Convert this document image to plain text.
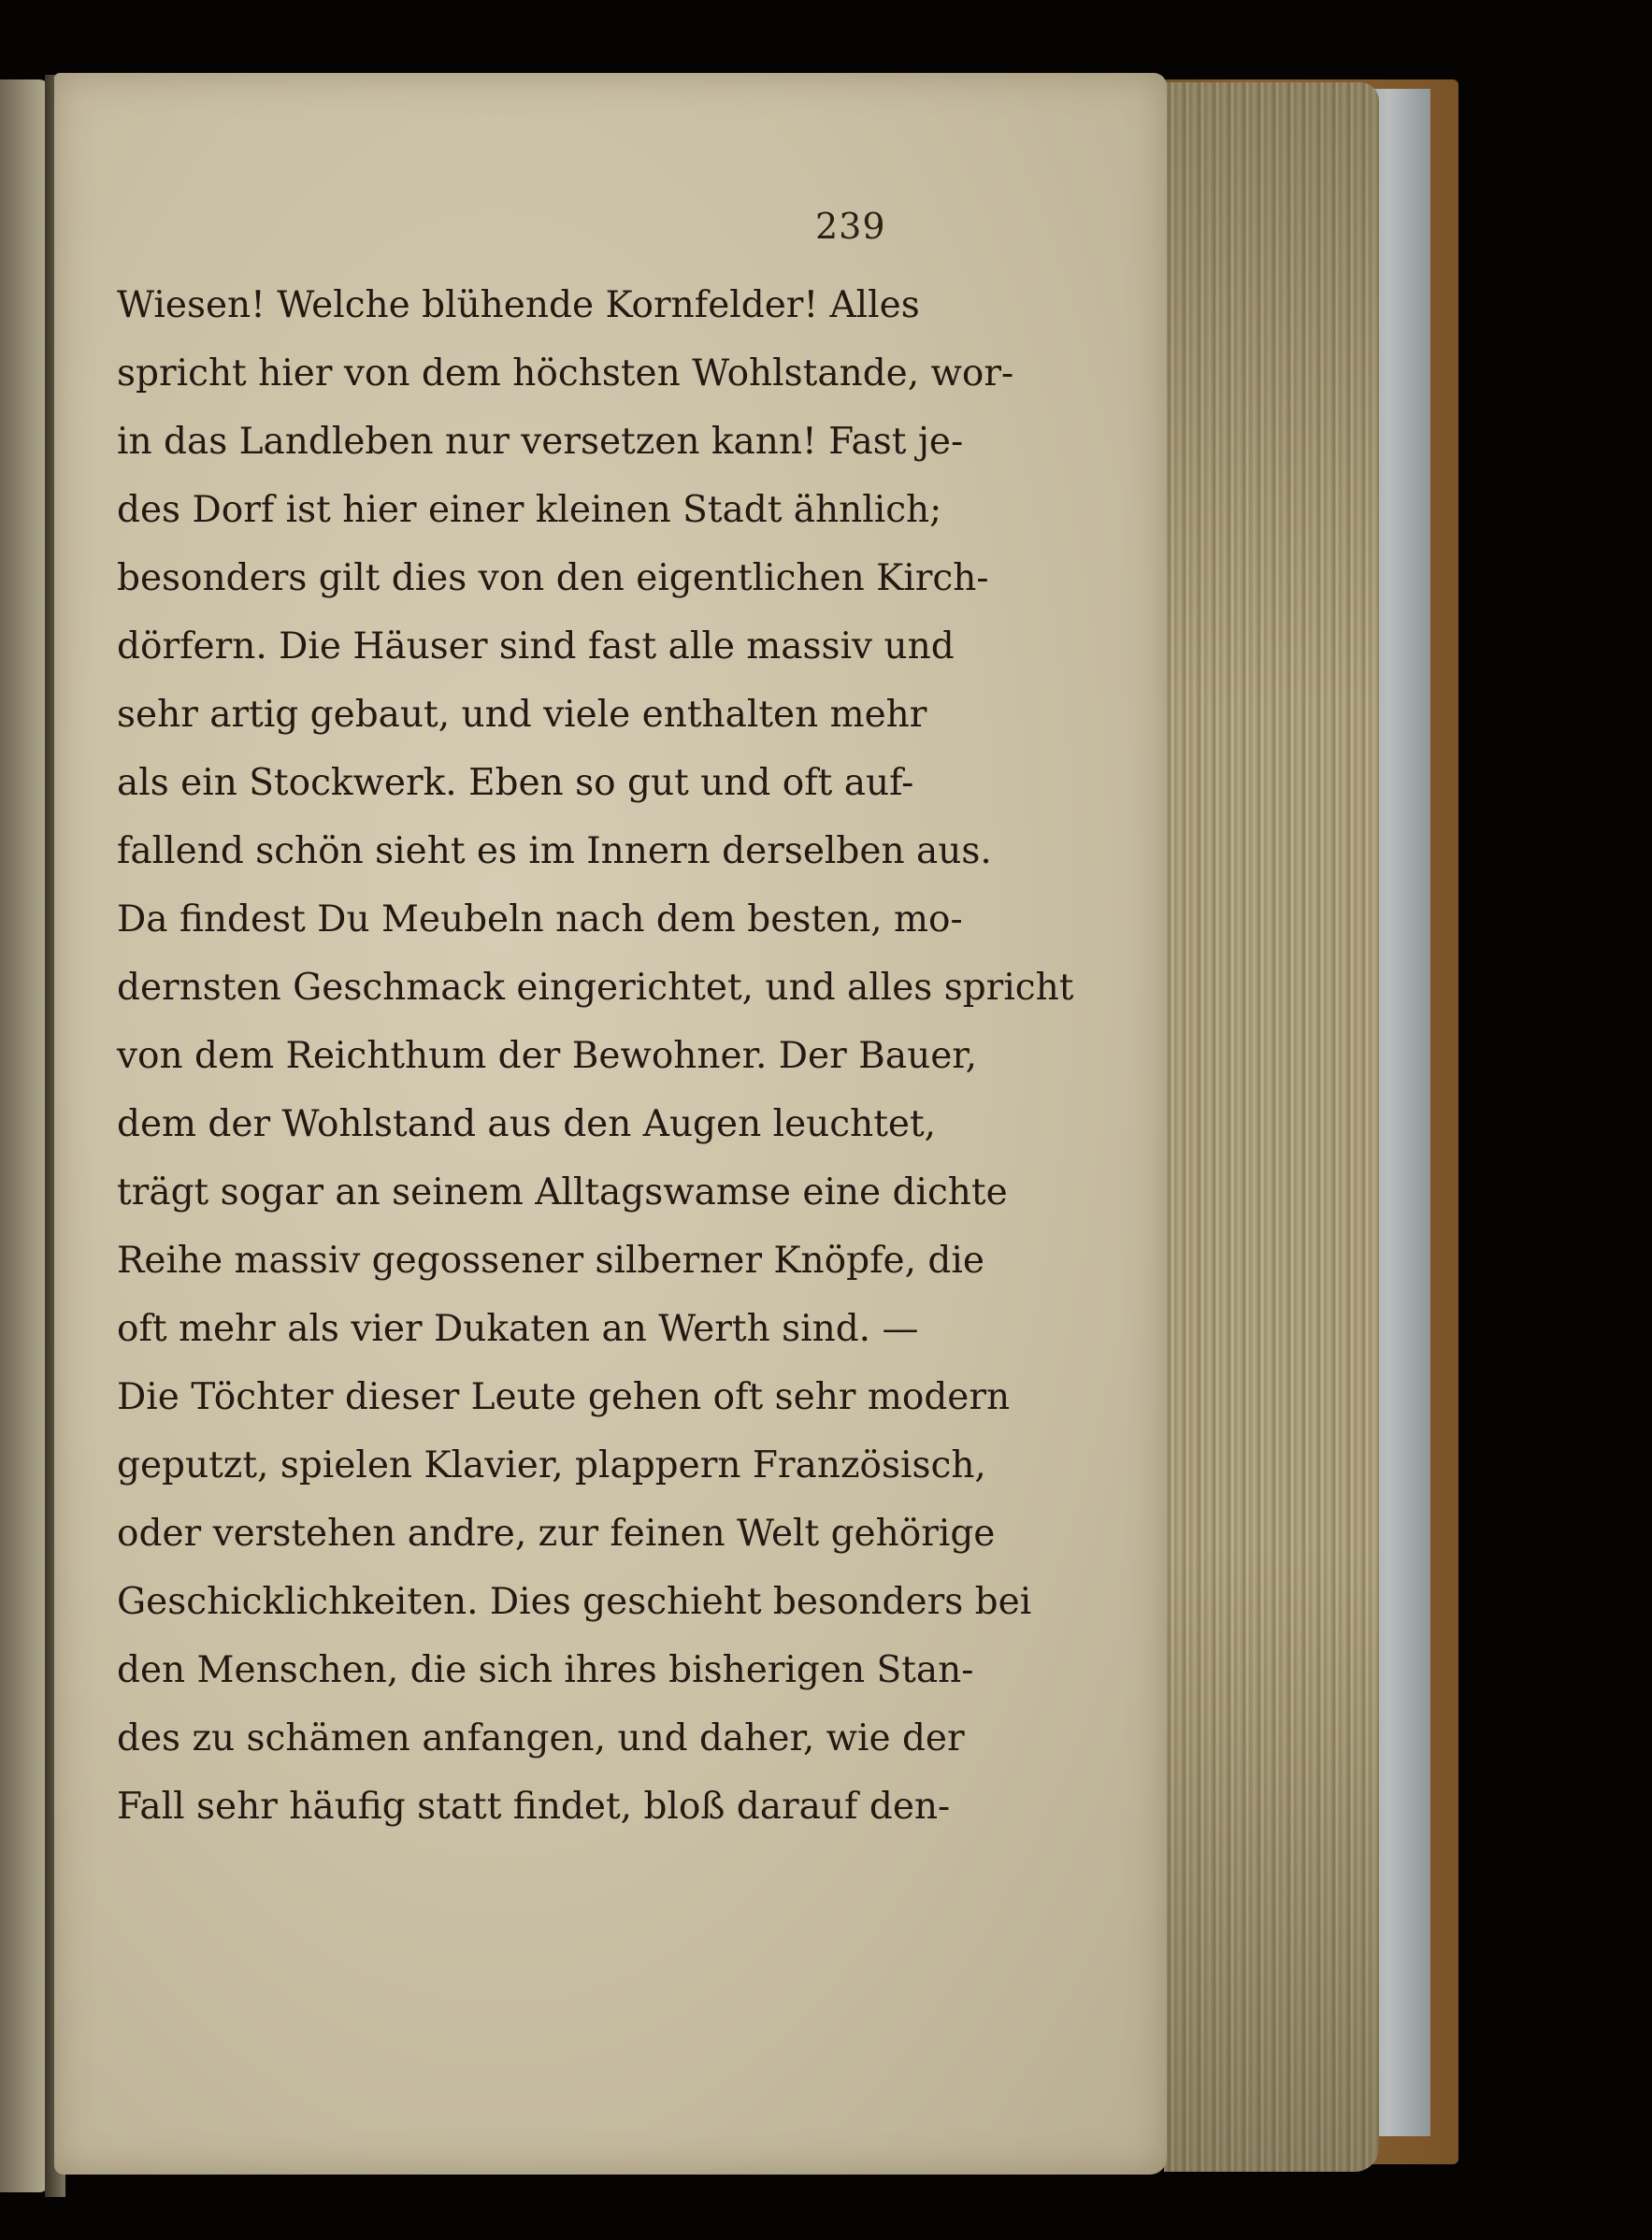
239
Wiesen! Welche blühende Kornfelder! Alles
spricht hier von dem höchsten Wohlstande, wor-
in das Landleben nur versetzen kann! Fast je-
des Dorf ist hier einer kleinen Stadt ähnlich;
besonders gilt dies von den eigentlichen Kirch-
dörfern. Die Häuser sind fast alle massiv und
sehr artig gebaut, und viele enthalten mehr
als ein Stockwerk. Eben so gut und oft auf-
fallend schön sieht es im Innern derselben aus.
Da findest Du Meubeln nach dem besten, mo-
dernsten Geschmack eingerichtet, und alles spricht
von dem Reichthum der Bewohner. Der Bauer,
dem der Wohlstand aus den Augen leuchtet,
trägt sogar an seinem Alltagswamse eine dichte
Reihe massiv gegossener silberner Knöpfe, die
oft mehr als vier Dukaten an Werth sind. —
Die Töchter dieser Leute gehen oft sehr modern
geputzt, spielen Klavier, plappern Französisch,
oder verstehen andre, zur feinen Welt gehörige
Geschicklichkeiten. Dies geschieht besonders bei
den Menschen, die sich ihres bisherigen Stan-
des zu schämen anfangen, und daher, wie der
Fall sehr häufig statt findet, bloß darauf den-
